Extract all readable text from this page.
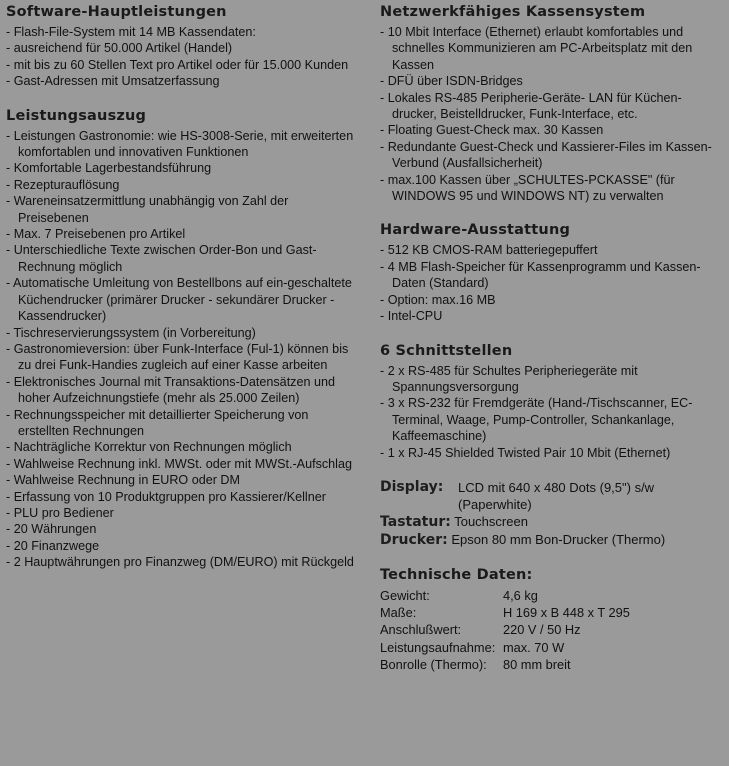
Software-Hauptleistungen
- Flash-File-System mit 14 MB Kassendaten:
- ausreichend für 50.000 Artikel (Handel)
- mit bis zu 60 Stellen Text pro Artikel oder für 15.000 Kunden
- Gast-Adressen mit Umsatzerfassung
Leistungsauszug
- Leistungen Gastronomie: wie HS-3008-Serie, mit erweiterten komfortablen und innovativen Funktionen
- Komfortable Lagerbestandsführung
- Rezepturauflösung
- Wareneinsatzermittlung unabhängig von Zahl der Preisebenen
- Max. 7 Preisebenen pro Artikel
- Unterschiedliche Texte zwischen Order-Bon und Gast-Rechnung möglich
- Automatische Umleitung von Bestellbons auf ein-geschaltete Küchendrucker (primärer Drucker - sekundärer Drucker - Kassendrucker)
- Tischreservierungssystem (in Vorbereitung)
- Gastronomieversion: über Funk-Interface (Ful-1) können bis zu drei Funk-Handies zugleich auf einer Kasse arbeiten
- Elektronisches Journal mit Transaktions-Datensätzen und hoher Aufzeichnungstiefe (mehr als 25.000 Zeilen)
- Rechnungsspeicher mit detaillierter Speicherung von erstellten Rechnungen
- Nachträgliche Korrektur von Rechnungen möglich
- Wahlweise Rechnung inkl. MWSt. oder mit MWSt.-Aufschlag
- Wahlweise Rechnung in EURO oder DM
- Erfassung von 10 Produktgruppen pro Kassierer/Kellner
- PLU pro Bediener
- 20 Währungen
- 20 Finanzwege
- 2 Hauptwährungen pro Finanzweg (DM/EURO) mit Rückgeld
Netzwerkfähiges Kassensystem
- 10 Mbit Interface (Ethernet) erlaubt komfortables und schnelles Kommunizieren am PC-Arbeitsplatz mit den Kassen
- DFÜ über ISDN-Bridges
- Lokales RS-485 Peripherie-Geräte- LAN für Küchen-drucker, Beistelldrucker, Funk-Interface, etc.
- Floating Guest-Check max. 30 Kassen
- Redundante Guest-Check und Kassierer-Files im Kassen-Verbund (Ausfallsicherheit)
- max.100 Kassen über „SCHULTES-PCKASSE" (für WINDOWS 95 und WINDOWS NT) zu verwalten
Hardware-Ausstattung
- 512 KB CMOS-RAM batteriegepuffert
- 4 MB Flash-Speicher für Kassenprogramm und Kassen-Daten (Standard)
- Option: max.16 MB
- Intel-CPU
6 Schnittstellen
- 2 x RS-485 für Schultes Peripheriegeräte mit Spannungsversorgung
- 3 x RS-232 für Fremdgeräte (Hand-/Tischscanner, EC-Terminal, Waage, Pump-Controller, Schankanlage, Kaffeemaschine)
- 1 x RJ-45 Shielded Twisted Pair 10 Mbit (Ethernet)
Display:	LCD mit 640 x 480 Dots (9,5") s/w (Paperwhite)
Tastatur: Touchscreen
Drucker: Epson 80 mm Bon-Drucker (Thermo)
Technische Daten:
Gewicht:	4,6 kg
Maße:	H 169 x B 448 x T 295
Anschlußwert:	220 V / 50 Hz
Leistungsaufnahme: max. 70 W
Bonrolle (Thermo):	80 mm breit
